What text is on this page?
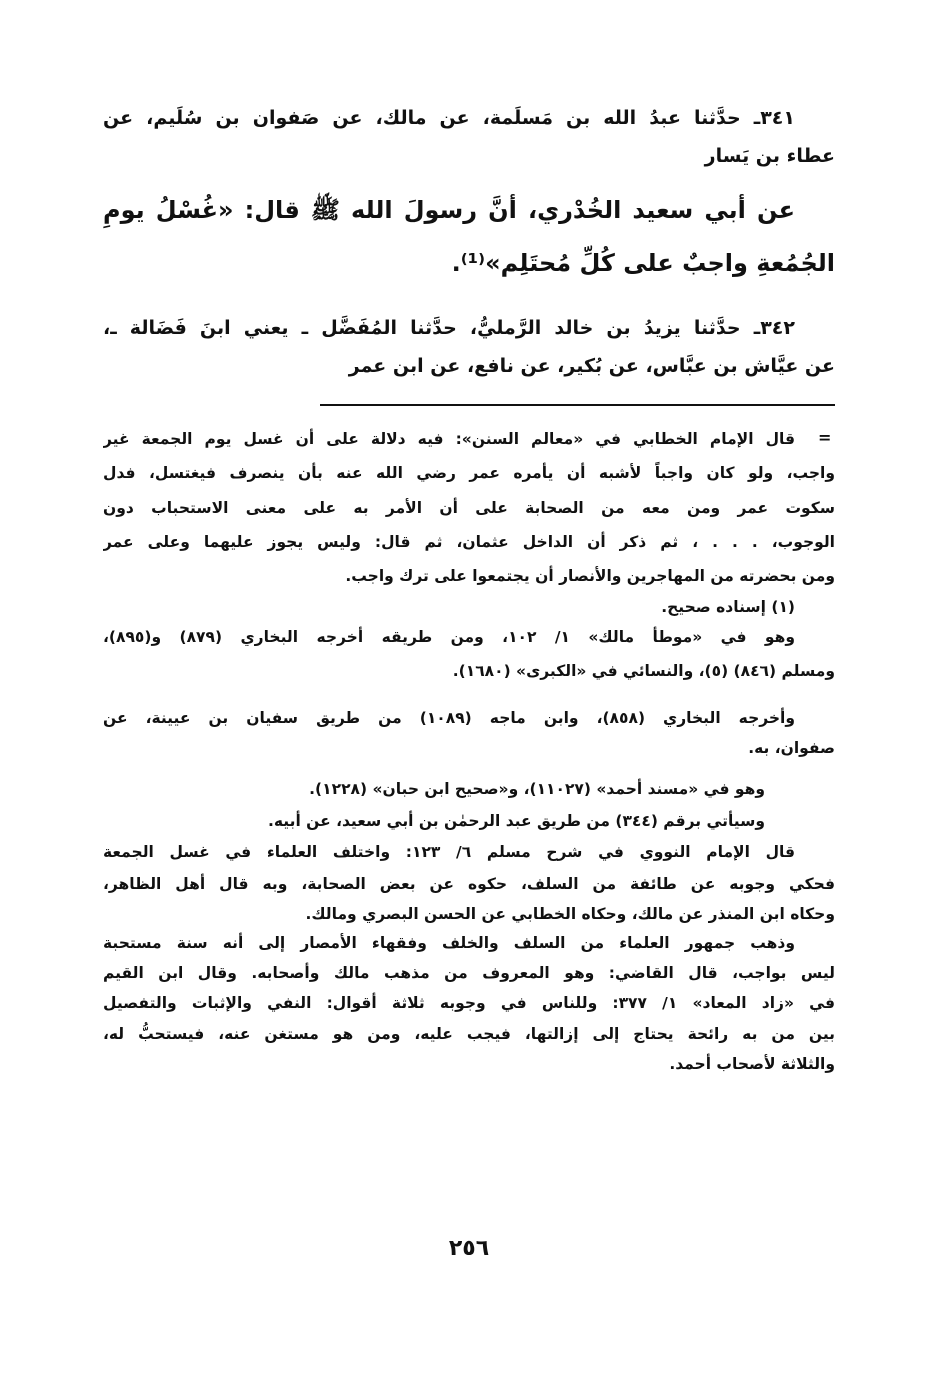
٣٤١ـ حدَّثنا عبدُ الله بن مَسلَمة، عن مالك، عن صَفوان بن سُلَيم، عن
عطاء بن يَسار
عن أبي سعيد الخُدْري، أنَّ رسولَ الله ﷺ قال: «غُسْلُ يومِ
الجُمُعةِ واجبٌ على كُلِّ مُحتَلِم»⁽¹⁾.
٣٤٢ـ حدَّثنا يزيدُ بن خالد الرَّمليُّ، حدَّثنا المُفَضَّل ـ يعني ابنَ فَضَالة ـ،
عن عيَّاش بن عبَّاس، عن بُكير، عن نافع، عن ابن عمر
=
قال الإمام الخطابي في «معالم السنن»: فيه دلالة على أن غسل يوم الجمعة غير
واجب، ولو كان واجباً لأشبه أن يأمره عمر رضي الله عنه بأن ينصرف فيغتسل، فدل
سكوت عمر ومن معه من الصحابة على أن الأمر به على معنى الاستحباب دون
الوجوب، . . . ، ثم ذكر أن الداخل عثمان، ثم قال: وليس يجوز عليهما وعلى عمر
ومن بحضرته من المهاجرين والأنصار أن يجتمعوا على ترك واجب.
(١) إسناده صحيح.
وهو في «موطأ مالك» ١/ ١٠٢، ومن طريقه أخرجه البخاري (٨٧٩) و(٨٩٥)،
ومسلم (٨٤٦) (٥)، والنسائي في «الكبرى» (١٦٨٠).
وأخرجه البخاري (٨٥٨)، وابن ماجه (١٠٨٩) من طريق سفيان بن عيينة، عن
صفوان، به.
وهو في «مسند أحمد» (١١٠٢٧)، و«صحيح ابن حبان» (١٢٢٨).
وسيأتي برقم (٣٤٤) من طريق عبد الرحمٰن بن أبي سعيد، عن أبيه.
قال الإمام النووي في شرح مسلم ٦/ ١٢٣: واختلف العلماء في غسل الجمعة
فحكي وجوبه عن طائفة من السلف، حكوه عن بعض الصحابة، وبه قال أهل الظاهر،
وحكاه ابن المنذر عن مالك، وحكاه الخطابي عن الحسن البصري ومالك.
وذهب جمهور العلماء من السلف والخلف وفقهاء الأمصار إلى أنه سنة مستحبة
ليس بواجب، قال القاضي: وهو المعروف من مذهب مالك وأصحابه. وقال ابن القيم
في «زاد المعاد» ١/ ٣٧٧: وللناس في وجوبه ثلاثة أقوال: النفي والإثبات والتفصيل
بين من به رائحة يحتاج إلى إزالتها، فيجب عليه، ومن هو مستغن عنه، فيستحبُّ له،
والثلاثة لأصحاب أحمد.
٢٥٦
